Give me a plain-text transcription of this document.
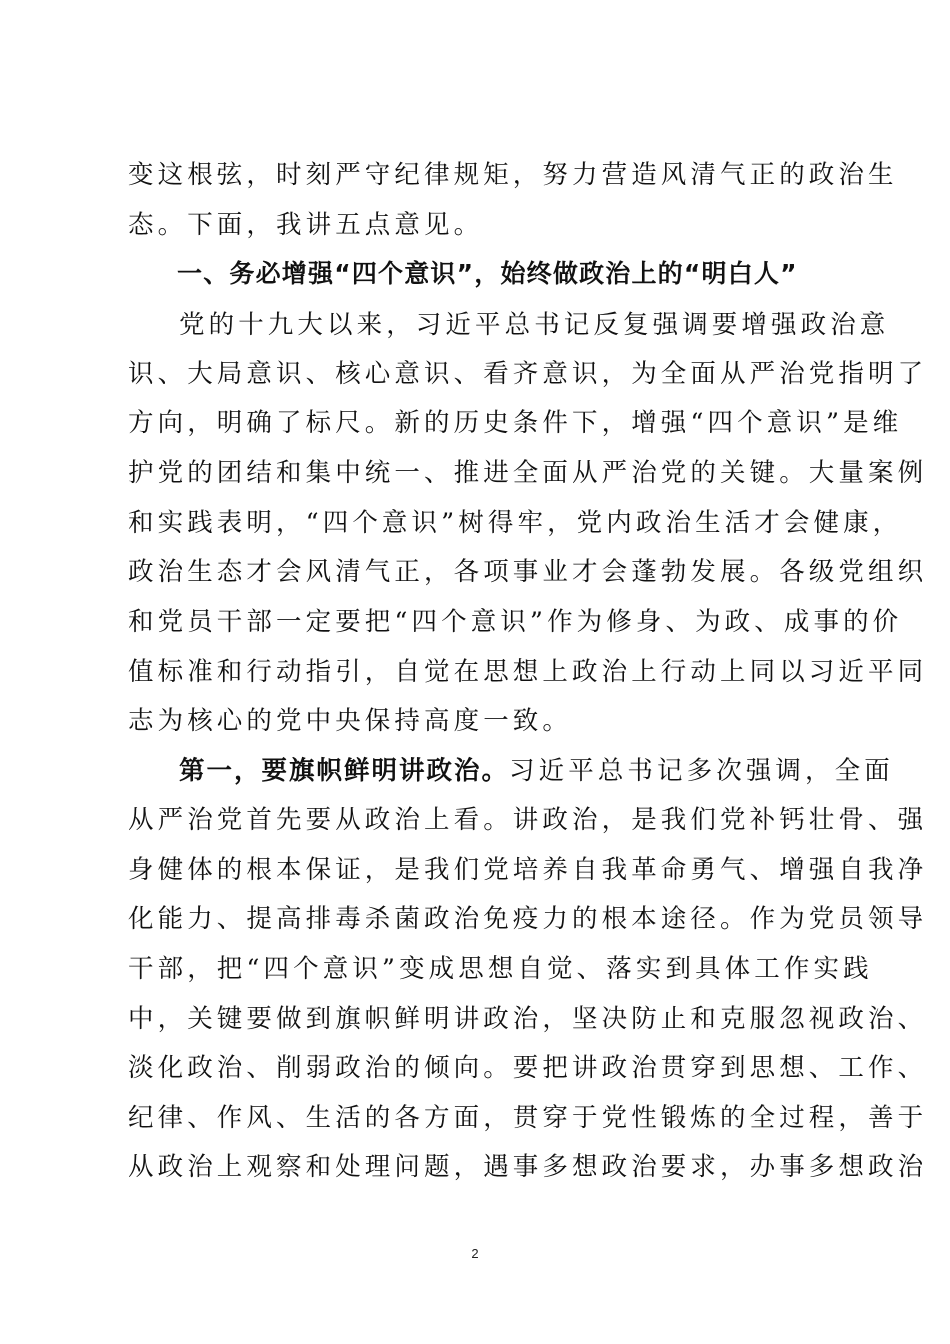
变这根弦，时刻严守纪律规矩，努力营造风清气正的政治生
态。下面，我讲五点意见。
一、务必增强“四个意识”，始终做政治上的“明白人”
党的十九大以来，习近平总书记反复强调要增强政治意
识、大局意识、核心意识、看齐意识，为全面从严治党指明了
方向，明确了标尺。新的历史条件下，增强“四个意识”是维
护党的团结和集中统一、推进全面从严治党的关键。大量案例
和实践表明，“四个意识”树得牢，党内政治生活才会健康，
政治生态才会风清气正，各项事业才会蓬勃发展。各级党组织
和党员干部一定要把“四个意识”作为修身、为政、成事的价
值标准和行动指引，自觉在思想上政治上行动上同以习近平同
志为核心的党中央保持高度一致。
第一，要旗帜鲜明讲政治。习近平总书记多次强调，全面
从严治党首先要从政治上看。讲政治，是我们党补钙壮骨、强
身健体的根本保证，是我们党培养自我革命勇气、增强自我净
化能力、提高排毒杀菌政治免疫力的根本途径。作为党员领导
干部，把“四个意识”变成思想自觉、落实到具体工作实践
中，关键要做到旗帜鲜明讲政治，坚决防止和克服忽视政治、
淡化政治、削弱政治的倾向。要把讲政治贯穿到思想、工作、
纪律、作风、生活的各方面，贯穿于党性锻炼的全过程，善于
从政治上观察和处理问题，遇事多想政治要求，办事多想政治
2
